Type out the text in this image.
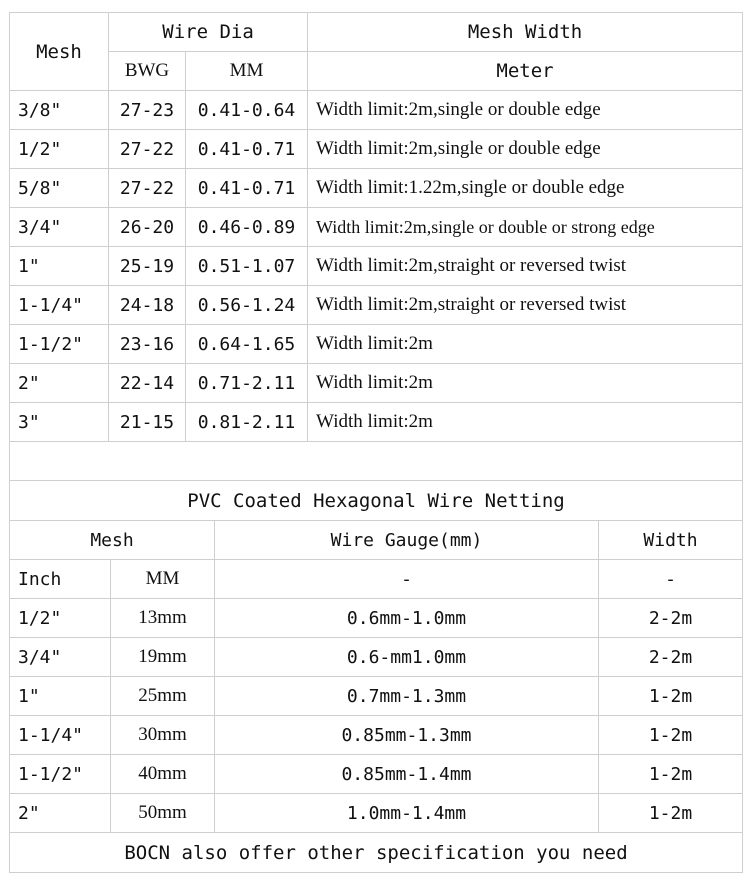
Mesh	Wire Dia		Mesh Width
	BWG	MM	Meter
3/8"	27-23	0.41-0.64	Width limit:2m,single or double edge
1/2"	27-22	0.41-0.71	Width limit:2m,single or double edge
5/8"	27-22	0.41-0.71	Width limit:1.22m,single or double edge
3/4"	26-20	0.46-0.89	Width limit:2m,single or double or strong edge
1"	25-19	0.51-1.07	Width limit:2m,straight or reversed twist
1-1/4"	24-18	0.56-1.24	Width limit:2m,straight or reversed twist
1-1/2"	23-16	0.64-1.65	Width limit:2m
2"	22-14	0.71-2.11	Width limit:2m
3"	21-15	0.81-2.11	Width limit:2m

PVC Coated Hexagonal Wire Netting			
Mesh		Wire Gauge(mm)	Width
Inch	MM	-	-
1/2"	13mm	0.6mm-1.0mm	2-2m
3/4"	19mm	0.6-mm1.0mm	2-2m
1"	25mm	0.7mm-1.3mm	1-2m
1-1/4"	30mm	0.85mm-1.3mm	1-2m
1-1/2"	40mm	0.85mm-1.4mm	1-2m
2"	50mm	1.0mm-1.4mm	1-2m
BOCN also offer other specification you need			
